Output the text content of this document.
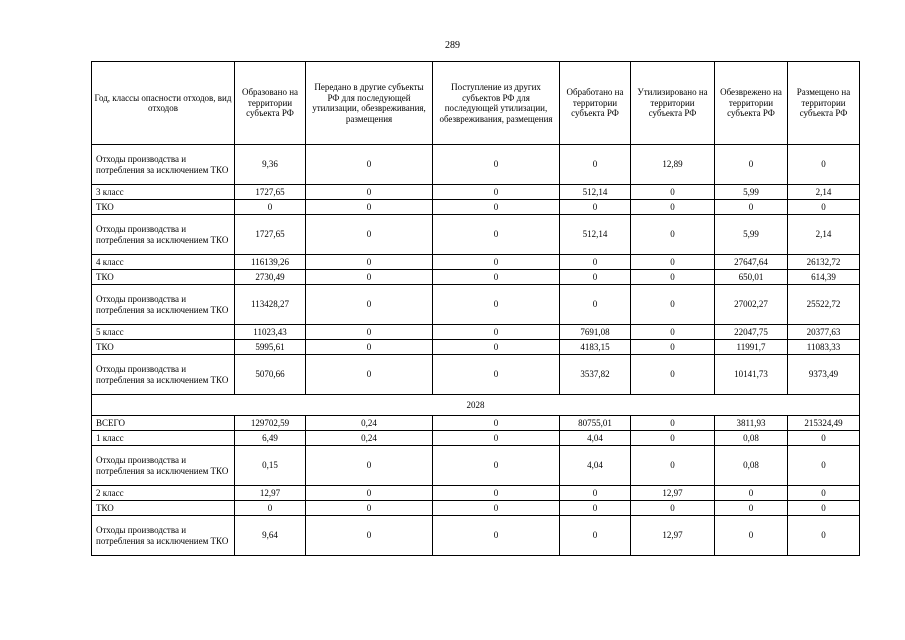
289
Год, классы опасности отходов, вид отходов	Образовано на территории субъекта РФ	Передано в другие субъекты РФ для последующей утилизации, обезвреживания, размещения	Поступление из других субъектов РФ для последующей утилизации, обезвреживания, размещения	Обработано на территории субъекта РФ	Утилизировано на территории субъекта РФ	Обезврежено на территории субъекта РФ	Размещено на территории субъекта РФ
Отходы производства и потребления за исключением ТКО	9,36	0	0	0	12,89	0	0
3 класс	1727,65	0	0	512,14	0	5,99	2,14
ТКО	0	0	0	0	0	0	0
Отходы производства и потребления за исключением ТКО	1727,65	0	0	512,14	0	5,99	2,14
4 класс	116139,26	0	0	0	0	27647,64	26132,72
ТКО	2730,49	0	0	0	0	650,01	614,39
Отходы производства и потребления за исключением ТКО	113428,27	0	0	0	0	27002,27	25522,72
5 класс	11023,43	0	0	7691,08	0	22047,75	20377,63
ТКО	5995,61	0	0	4183,15	0	11991,7	11083,33
Отходы производства и потребления за исключением ТКО	5070,66	0	0	3537,82	0	10141,73	9373,49
2028							
ВСЕГО	129702,59	0,24	0	80755,01	0	3811,93	215324,49
1 класс	6,49	0,24	0	4,04	0	0,08	0
Отходы производства и потребления за исключением ТКО	0,15	0	0	4,04	0	0,08	0
2 класс	12,97	0	0	0	12,97	0	0
ТКО	0	0	0	0	0	0	0
Отходы производства и потребления за исключением ТКО	9,64	0	0	0	12,97	0	0
